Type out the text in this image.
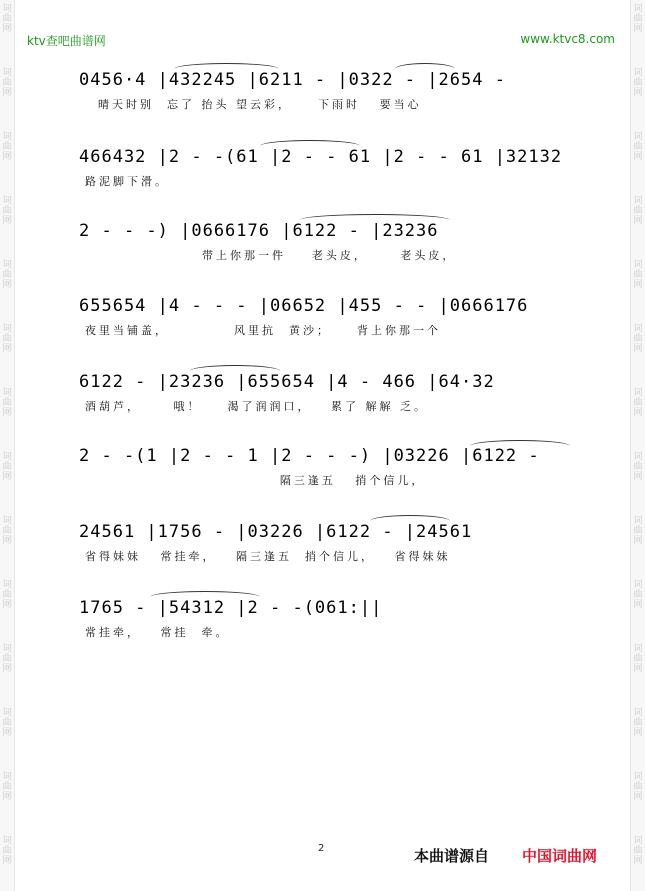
词
曲
网
词
曲
网
词
曲
网
词
曲
网
词
曲
网
词
曲
网
词
曲
网
词
曲
网
词
曲
网
词
曲
网
词
曲
网
词
曲
网
词
曲
网
词
曲
网
词
曲
网
词
曲
网
词
曲
网
词
曲
网
词
曲
网
词
曲
网
词
曲
网
词
曲
网
词
曲
网
词
曲
网
词
曲
网
词
曲
网
词
曲
网
词
曲
网
ktv查吧曲谱网	www.ktvc8.com
0456·4 |432245 |6211 - |0322 - |2654 -
晴天时别  忘了 抬头 望云彩，    下雨时   要当心
466432 |2 - -(61 |2 - - 61 |2 - - 61 |32132
路泥脚下滑。
2 - - -) |0666176 |6122 - |23236
带上你那一件    老头皮，     老头皮，
655654 |4 - - - |06652 |455 - - |0666176
夜里当铺盖，          风里抗  黄沙；    背上你那一个
6122 - |23236 |655654 |4 - 466 |64·32
酒葫芦，     哦！    渴了润润口，   累了 解解 乏。
2 - -(1 |2 - - 1 |2 - - -) |03226 |6122 -
隔三逢五   捎个信儿，
24561 |1756 - |03226 |6122 - |24561
省得妹妹   常挂牵，   隔三逢五  捎个信儿，   省得妹妹
1765 - |54312 |2 - -(061:||
常挂牵，   常挂  牵。
2	本曲谱源自 中国词曲网
